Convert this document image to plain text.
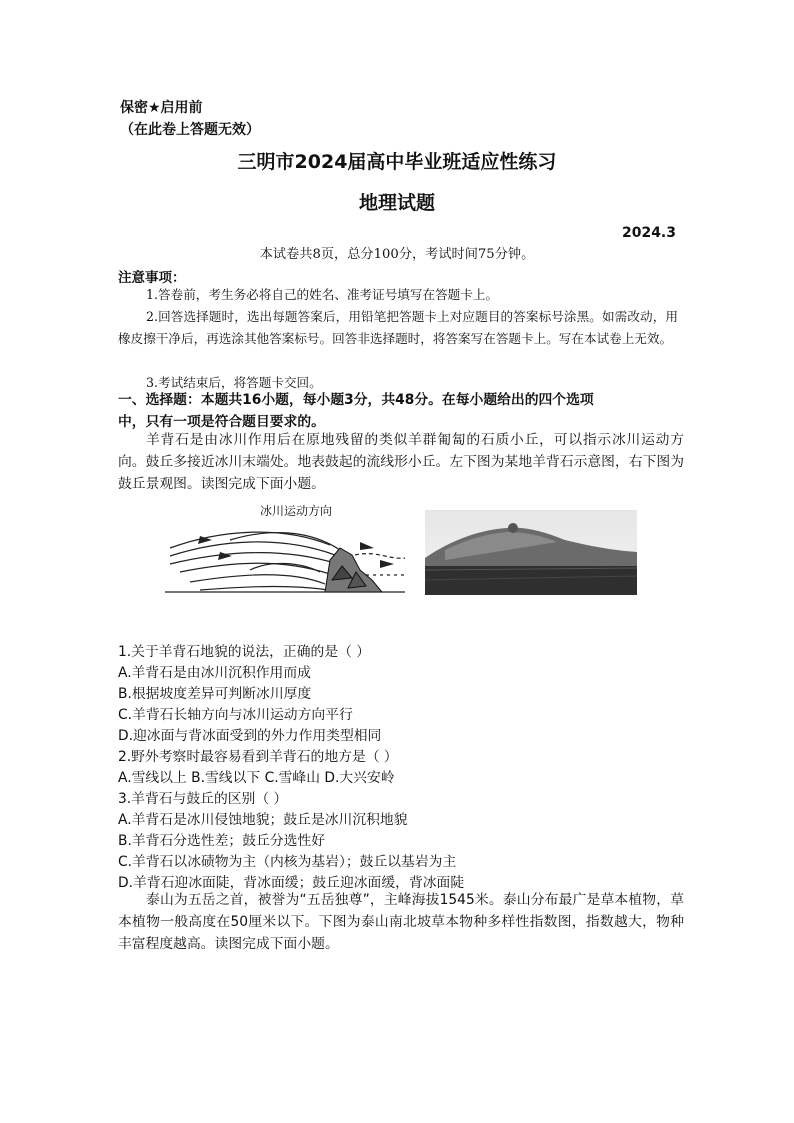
保密★启用前
（在此卷上答题无效）
三明市2024届高中毕业班适应性练习
地理试题
2024.3
本试卷共8页，总分100分，考试时间75分钟。
注意事项：
1.答卷前，考生务必将自己的姓名、准考证号填写在答题卡上。
2.回答选择题时，选出每题答案后，用铅笔把答题卡上对应题目的答案标号涂黑。如需改动，用橡皮擦干净后，再选涂其他答案标号。回答非选择题时，将答案写在答题卡上。写在本试卷上无效。
3.考试结束后，将答题卡交回。
一、选择题：本题共16小题，每小题3分，共48分。在每小题给出的四个选项
中，只有一项是符合题目要求的。
羊背石是由冰川作用后在原地残留的类似羊群匍匐的石质小丘，可以指示冰川运动方向。鼓丘多接近冰川末端处。地表鼓起的流线形小丘。左下图为某地羊背石示意图，右下图为鼓丘景观图。读图完成下面小题。
冰川运动方向
1.关于羊背石地貌的说法，正确的是（ ）
A.羊背石是由冰川沉积作用而成
B.根据坡度差异可判断冰川厚度
C.羊背石长轴方向与冰川运动方向平行
D.迎冰面与背冰面受到的外力作用类型相同
2.野外考察时最容易看到羊背石的地方是（ ）
A.雪线以上 B.雪线以下 C.雪峰山 D.大兴安岭
3.羊背石与鼓丘的区别（ ）
A.羊背石是冰川侵蚀地貌；鼓丘是冰川沉积地貌
B.羊背石分选性差；鼓丘分选性好
C.羊背石以冰碛物为主（内核为基岩）；鼓丘以基岩为主
D.羊背石迎冰面陡，背冰面缓；鼓丘迎冰面缓，背冰面陡
泰山为五岳之首，被誉为“五岳独尊”，主峰海拔1545米。泰山分布最广是草本植物，草本植物一般高度在50厘米以下。下图为泰山南北坡草本物种多样性指数图，指数越大，物种丰富程度越高。读图完成下面小题。
